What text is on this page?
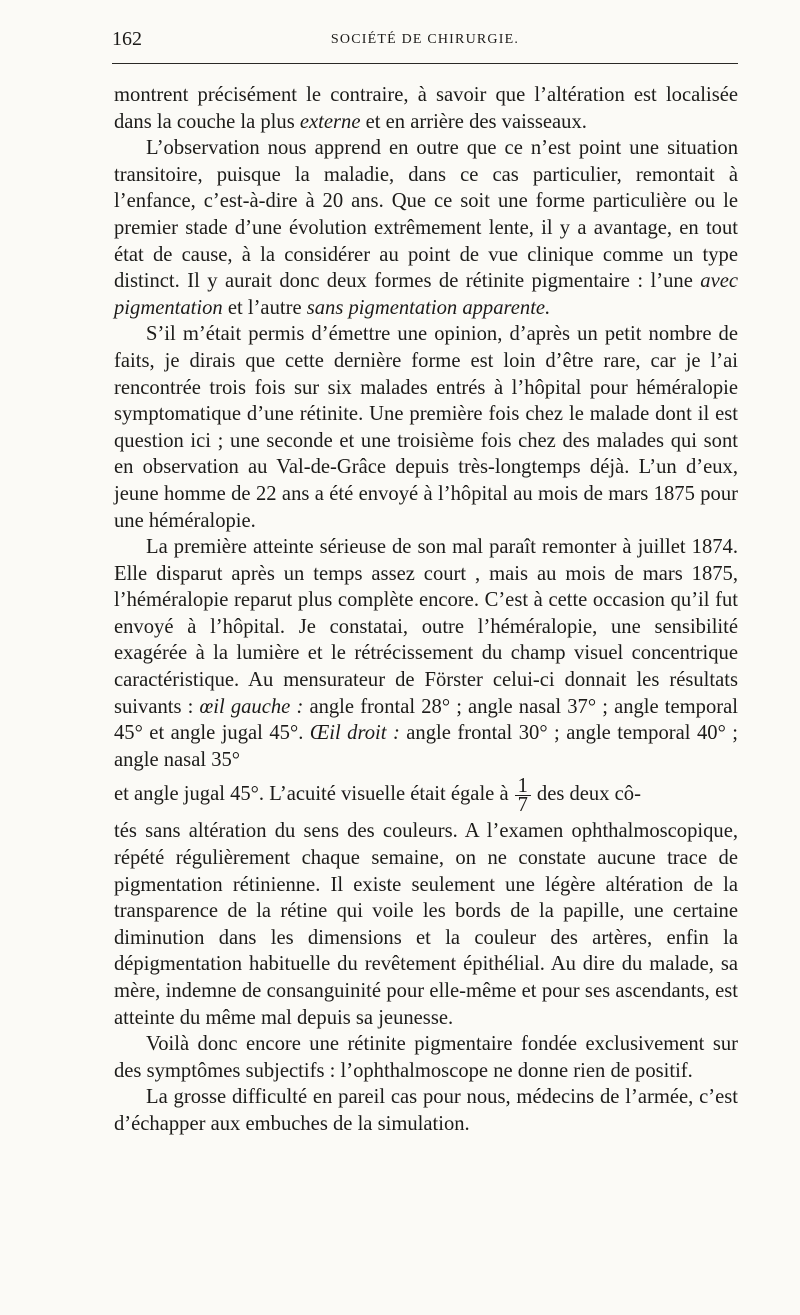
162	SOCIÉTÉ DE CHIRURGIE.

montrent précisément le contraire, à savoir que l’altération est localisée dans la couche la plus externe et en arrière des vaisseaux.

L’observation nous apprend en outre que ce n’est point une situation transitoire, puisque la maladie, dans ce cas particulier, remontait à l’enfance, c’est-à-dire à 20 ans. Que ce soit une forme particulière ou le premier stade d’une évolution extrêmement lente, il y a avantage, en tout état de cause, à la considérer au point de vue clinique comme un type distinct. Il y aurait donc deux formes de rétinite pigmentaire : l’une avec pigmentation et l’autre sans pigmentation apparente.

S’il m’était permis d’émettre une opinion, d’après un petit nombre de faits, je dirais que cette dernière forme est loin d’être rare, car je l’ai rencontrée trois fois sur six malades entrés à l’hôpital pour héméralopie symptomatique d’une rétinite. Une première fois chez le malade dont il est question ici ; une seconde et une troisième fois chez des malades qui sont en observation au Val-de-Grâce depuis très-longtemps déjà. L’un d’eux, jeune homme de 22 ans a été envoyé à l’hôpital au mois de mars 1875 pour une héméralopie.

La première atteinte sérieuse de son mal paraît remonter à juillet 1874. Elle disparut après un temps assez court , mais au mois de mars 1875, l’héméralopie reparut plus complète encore. C’est à cette occasion qu’il fut envoyé à l’hôpital. Je constatai, outre l’héméralopie, une sensibilité exagérée à la lumière et le rétrécissement du champ visuel concentrique caractéristique. Au mensurateur de Förster celui-ci donnait les résultats suivants : œil gauche : angle frontal 28° ; angle nasal 37° ; angle temporal 45° et angle jugal 45°. Œil droit : angle frontal 30° ; angle temporal 40° ; angle nasal 35°

et angle jugal 45°. L’acuité visuelle était égale à $\frac{1}{7}$ des deux cô-

tés sans altération du sens des couleurs. A l’examen ophthalmoscopique, répété régulièrement chaque semaine, on ne constate aucune trace de pigmentation rétinienne. Il existe seulement une légère altération de la transparence de la rétine qui voile les bords de la papille, une certaine diminution dans les dimensions et la couleur des artères, enfin la dépigmentation habituelle du revêtement épithélial. Au dire du malade, sa mère, indemne de consanguinité pour elle-même et pour ses ascendants, est atteinte du même mal depuis sa jeunesse.

Voilà donc encore une rétinite pigmentaire fondée exclusivement sur des symptômes subjectifs : l’ophthalmoscope ne donne rien de positif.

La grosse difficulté en pareil cas pour nous, médecins de l’armée, c’est d’échapper aux embuches de la simulation.
